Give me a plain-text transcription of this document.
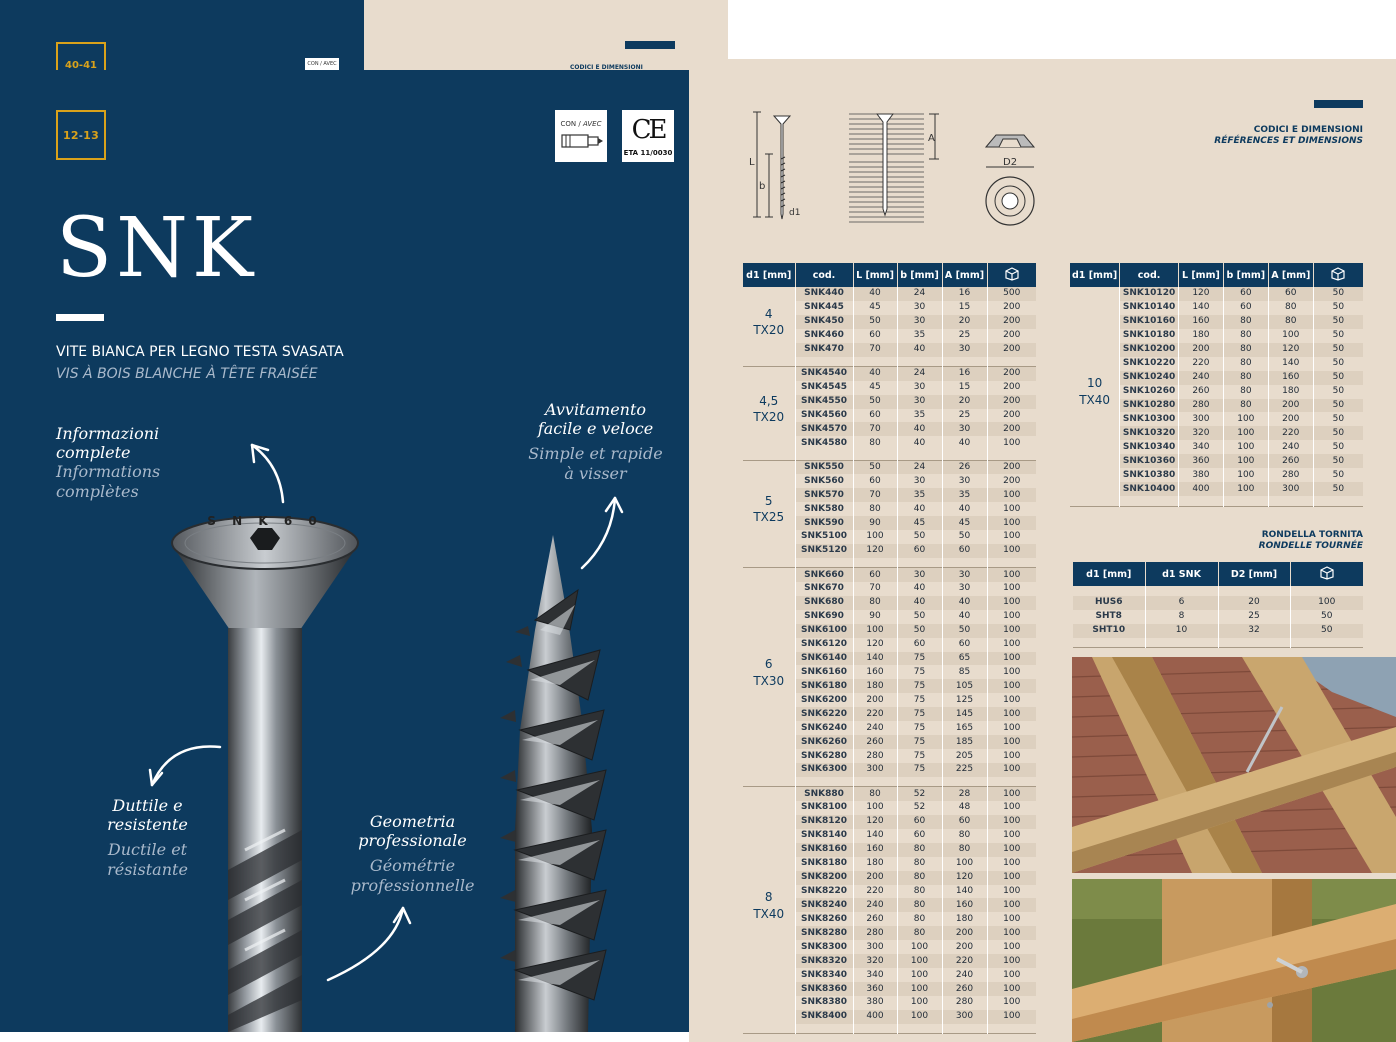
40-41	CON / AVEC	CODICI E DIMENSIONI
12 - 13
CON / AVEC	CE
ETA 11/0030
SNK
VITE BIANCA PER LEGNO TESTA SVASATA
VIS À BOIS BLANCHE À TÊTE FRAISÉE
S N K 6 0
Informazioni complete
Informations complètes
Avvitamento facile e veloce
Simple et rapide à visser
Duttile e resistente
Ductile et résistante
Geometria professionale
Géométrie professionnelle
CODICI E DIMENSIONI
RÉFÉRENCES ET DIMENSIONS
L
b
d1
A
D2
d1 [mm]	cod.	L [mm]	b [mm]	A [mm]	

4
TX20	SNK440	40	24	16	500
	SNK445	45	30	15	200
	SNK450	50	30	20	200
	SNK460	60	35	25	200
	SNK470	70	40	30	200

4,5
TX20	SNK4540	40	24	16	200
	SNK4545	45	30	15	200
	SNK4550	50	30	20	200
	SNK4560	60	35	25	200
	SNK4570	70	40	30	200
	SNK4580	80	40	40	100

5
TX25	SNK550	50	24	26	200
	SNK560	60	30	30	200
	SNK570	70	35	35	100
	SNK580	80	40	40	100
	SNK590	90	45	45	100
	SNK5100	100	50	50	100
	SNK5120	120	60	60	100

6
TX30	SNK660	60	30	30	100
	SNK670	70	40	30	100
	SNK680	80	40	40	100
	SNK690	90	50	40	100
	SNK6100	100	50	50	100
	SNK6120	120	60	60	100
	SNK6140	140	75	65	100
	SNK6160	160	75	85	100
	SNK6180	180	75	105	100
	SNK6200	200	75	125	100
	SNK6220	220	75	145	100
	SNK6240	240	75	165	100
	SNK6260	260	75	185	100
	SNK6280	280	75	205	100
	SNK6300	300	75	225	100

8
TX40	SNK880	80	52	28	100
	SNK8100	100	52	48	100
	SNK8120	120	60	60	100
	SNK8140	140	60	80	100
	SNK8160	160	80	80	100
	SNK8180	180	80	100	100
	SNK8200	200	80	120	100
	SNK8220	220	80	140	100
	SNK8240	240	80	160	100
	SNK8260	260	80	180	100
	SNK8280	280	80	200	100
	SNK8300	300	100	200	100
	SNK8320	320	100	220	100
	SNK8340	340	100	240	100
	SNK8360	360	100	260	100
	SNK8380	380	100	280	100
	SNK8400	400	100	300	100

d1 [mm]	cod.	L [mm]	b [mm]	A [mm]	

10
TX40	SNK10120	120	60	60	50
	SNK10140	140	60	80	50
	SNK10160	160	80	80	50
	SNK10180	180	80	100	50
	SNK10200	200	80	120	50
	SNK10220	220	80	140	50
	SNK10240	240	80	160	50
	SNK10260	260	80	180	50
	SNK10280	280	80	200	50
	SNK10300	300	100	200	50
	SNK10320	320	100	220	50
	SNK10340	340	100	240	50
	SNK10360	360	100	260	50
	SNK10380	380	100	280	50
	SNK10400	400	100	300	50

RONDELLA TORNITA
RONDELLE TOURNÉE
d1 [mm]	d1 SNK	D2 [mm]	

HUS6	6	20	100
SHT8	8	25	50
SHT10	10	32	50
